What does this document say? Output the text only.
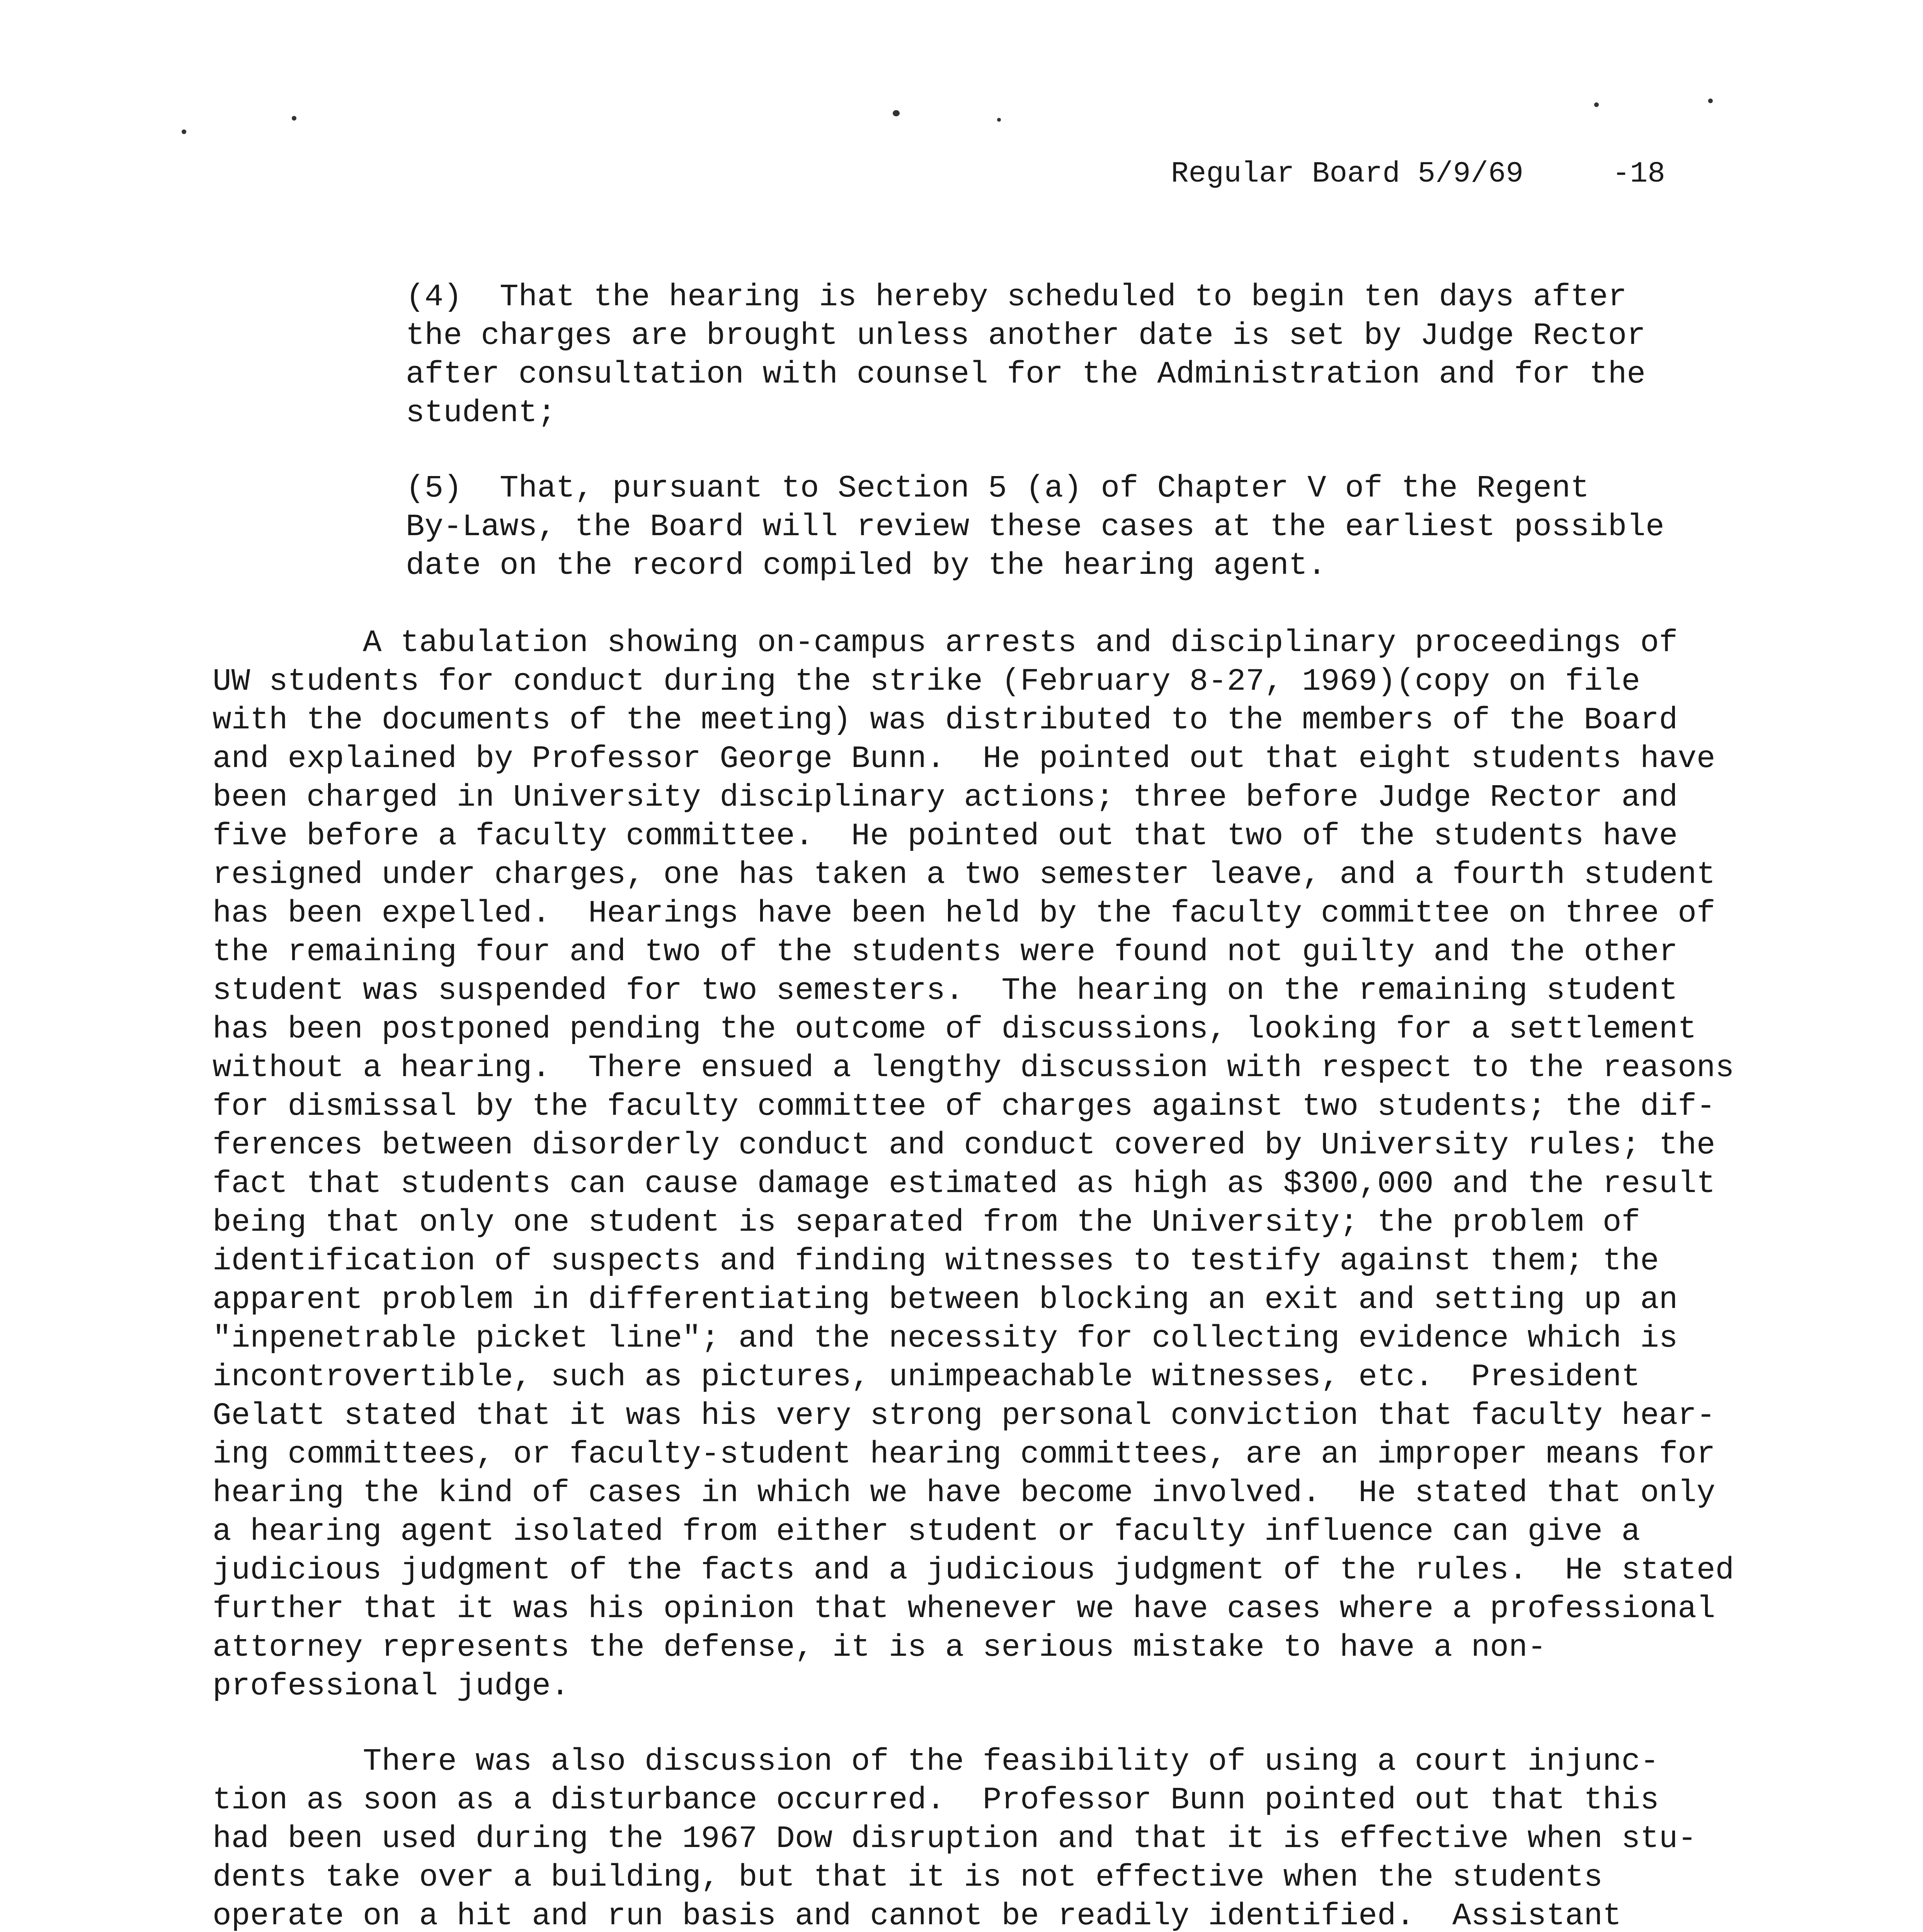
Regular Board 5/9/69	-18
(4)  That the hearing is hereby scheduled to begin ten days after
the charges are brought unless another date is set by Judge Rector
after consultation with counsel for the Administration and for the
student;
(5)  That, pursuant to Section 5 (a) of Chapter V of the Regent
By-Laws, the Board will review these cases at the earliest possible
date on the record compiled by the hearing agent.
A tabulation showing on-campus arrests and disciplinary proceedings of
UW students for conduct during the strike (February 8-27, 1969)(copy on file
with the documents of the meeting) was distributed to the members of the Board
and explained by Professor George Bunn.  He pointed out that eight students have
been charged in University disciplinary actions; three before Judge Rector and
five before a faculty committee.  He pointed out that two of the students have
resigned under charges, one has taken a two semester leave, and a fourth student
has been expelled.  Hearings have been held by the faculty committee on three of
the remaining four and two of the students were found not guilty and the other
student was suspended for two semesters.  The hearing on the remaining student
has been postponed pending the outcome of discussions, looking for a settlement
without a hearing.  There ensued a lengthy discussion with respect to the reasons
for dismissal by the faculty committee of charges against two students; the dif-
ferences between disorderly conduct and conduct covered by University rules; the
fact that students can cause damage estimated as high as $300,000 and the result
being that only one student is separated from the University; the problem of
identification of suspects and finding witnesses to testify against them; the
apparent problem in differentiating between blocking an exit and setting up an
"inpenetrable picket line"; and the necessity for collecting evidence which is
incontrovertible, such as pictures, unimpeachable witnesses, etc.  President
Gelatt stated that it was his very strong personal conviction that faculty hear-
ing committees, or faculty-student hearing committees, are an improper means for
hearing the kind of cases in which we have become involved.  He stated that only
a hearing agent isolated from either student or faculty influence can give a
judicious judgment of the facts and a judicious judgment of the rules.  He stated
further that it was his opinion that whenever we have cases where a professional
attorney represents the defense, it is a serious mistake to have a non-
professional judge.
There was also discussion of the feasibility of using a court injunc-
tion as soon as a disturbance occurred.  Professor Bunn pointed out that this
had been used during the 1967 Dow disruption and that it is effective when stu-
dents take over a building, but that it is not effective when the students
operate on a hit and run basis and cannot be readily identified.  Assistant
